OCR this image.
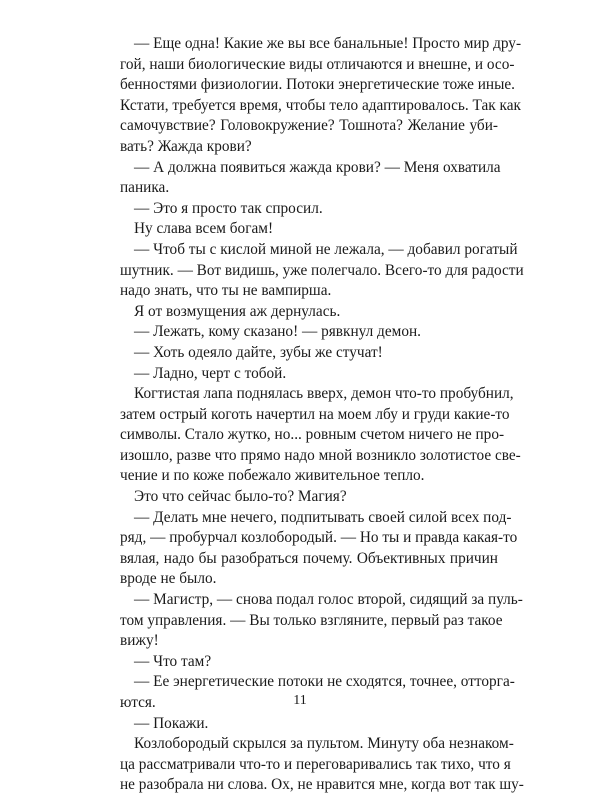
— Еще одна! Какие же вы все банальные! Просто мир дру-
гой, наши биологические виды отличаются и внешне, и осо-
бенностями физиологии. Потоки энергетические тоже иные.
Кстати, требуется время, чтобы тело адаптировалось. Так как
самочувствие? Головокружение? Тошнота? Желание уби-
вать? Жажда крови?
— А должна появиться жажда крови? — Меня охватила
паника.
— Это я просто так спросил.
Ну слава всем богам!
— Чтоб ты с кислой миной не лежала, — добавил рогатый
шутник. — Вот видишь, уже полегчало. Всего-то для радости
надо знать, что ты не вампирша.
Я от возмущения аж дернулась.
— Лежать, кому сказано! — рявкнул демон.
— Хоть одеяло дайте, зубы же стучат!
— Ладно, черт с тобой.
Когтистая лапа поднялась вверх, демон что-то пробубнил,
затем острый коготь начертил на моем лбу и груди какие-то
символы. Стало жутко, но... ровным счетом ничего не про-
изошло, разве что прямо надо мной возникло золотистое све-
чение и по коже побежало живительное тепло.
Это что сейчас было-то? Магия?
— Делать мне нечего, подпитывать своей силой всех под-
ряд, — пробурчал козлобородый. — Но ты и правда какая-то
вялая, надо бы разобраться почему. Объективных причин
вроде не было.
— Магистр, — снова подал голос второй, сидящий за пуль-
том управления. — Вы только взгляните, первый раз такое
вижу!
— Что там?
— Ее энергетические потоки не сходятся, точнее, отторга-
ются.
— Покажи.
Козлобородый скрылся за пультом. Минуту оба незнаком-
ца рассматривали что-то и переговаривались так тихо, что я
не разобрала ни слова. Ох, не нравится мне, когда вот так шу-
11
